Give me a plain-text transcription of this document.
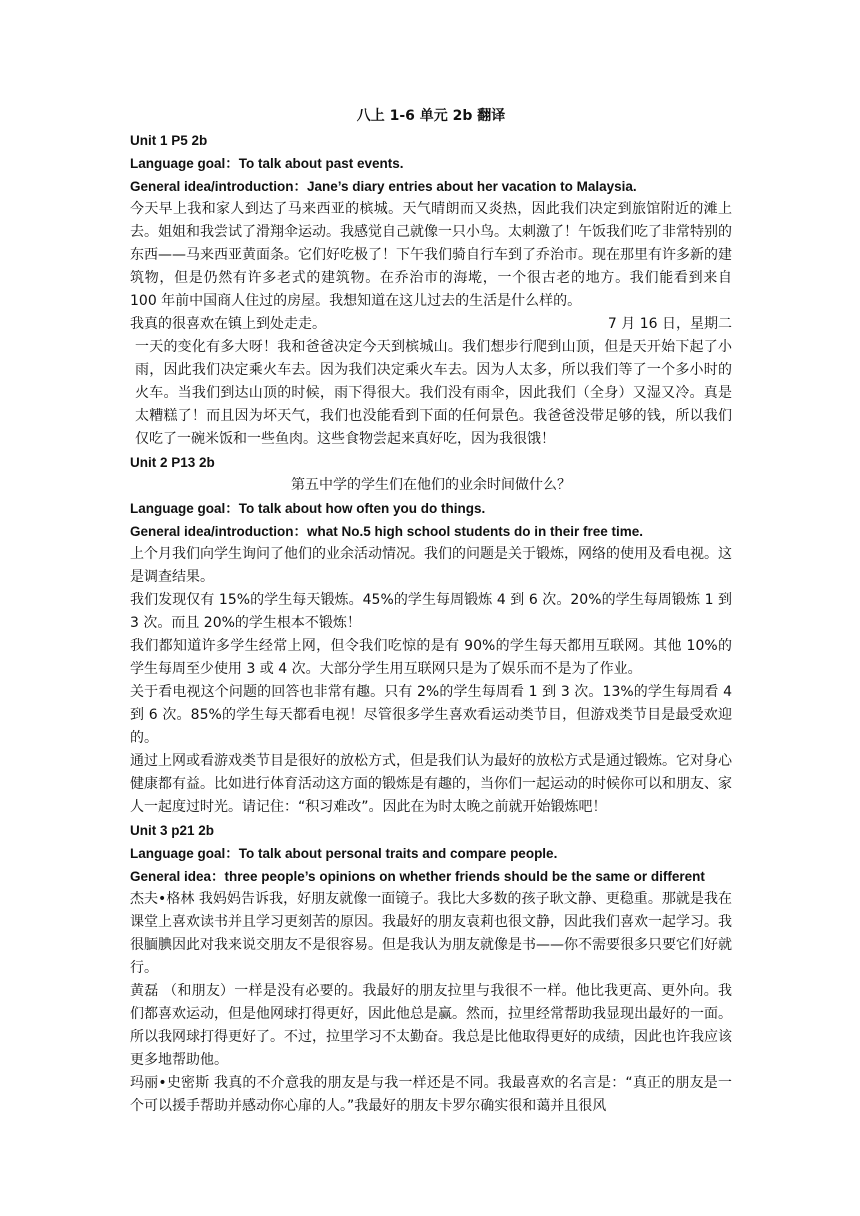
八上 1-6 单元 2b 翻译
Unit 1 P5 2b
Language goal：To talk about past events.
General idea/introduction：Jane’s diary entries about her vacation to Malaysia.
今天早上我和家人到达了马来西亚的槟城。天气晴朗而又炎热，因此我们决定到旅馆附近的滩上去。姐姐和我尝试了滑翔伞运动。我感觉自己就像一只小鸟。太刺激了！午饭我们吃了非常特别的东西——马来西亚黄面条。它们好吃极了！下午我们骑自行车到了乔治市。现在那里有许多新的建筑物，但是仍然有许多老式的建筑物。在乔治市的海墘，一个很古老的地方。我们能看到来自 100 年前中国商人住过的房屋。我想知道在这儿过去的生活是什么样的。
我真的很喜欢在镇上到处走走。	7 月 16 日，星期二
一天的变化有多大呀！我和爸爸决定今天到槟城山。我们想步行爬到山顶，但是天开始下起了小雨，因此我们决定乘火车去。因为我们决定乘火车去。因为人太多，所以我们等了一个多小时的火车。当我们到达山顶的时候，雨下得很大。我们没有雨伞，因此我们（全身）又湿又冷。真是太糟糕了！而且因为坏天气，我们也没能看到下面的任何景色。我爸爸没带足够的钱，所以我们仅吃了一碗米饭和一些鱼肉。这些食物尝起来真好吃，因为我很饿！
Unit 2 P13 2b
第五中学的学生们在他们的业余时间做什么？
Language goal：To talk about how often you do things.
General idea/introduction：what No.5 high school students do in their free time.
上个月我们向学生询问了他们的业余活动情况。我们的问题是关于锻炼，网络的使用及看电视。这是调查结果。
我们发现仅有 15%的学生每天锻炼。45%的学生每周锻炼 4 到 6 次。20%的学生每周锻炼 1 到 3 次。而且 20%的学生根本不锻炼！
我们都知道许多学生经常上网，但令我们吃惊的是有 90%的学生每天都用互联网。其他 10%的学生每周至少使用 3 或 4 次。大部分学生用互联网只是为了娱乐而不是为了作业。
关于看电视这个问题的回答也非常有趣。只有 2%的学生每周看 1 到 3 次。13%的学生每周看 4 到 6 次。85%的学生每天都看电视！尽管很多学生喜欢看运动类节目，但游戏类节目是最受欢迎的。
通过上网或看游戏类节目是很好的放松方式，但是我们认为最好的放松方式是通过锻炼。它对身心健康都有益。比如进行体育活动这方面的锻炼是有趣的，当你们一起运动的时候你可以和朋友、家人一起度过时光。请记住：“积习难改”。因此在为时太晚之前就开始锻炼吧！
Unit 3 p21 2b
Language goal：To talk about personal traits and compare people.
General idea：three people’s opinions on whether friends should be the same or different
杰夫•格林 我妈妈告诉我，好朋友就像一面镜子。我比大多数的孩子耿文静、更稳重。那就是我在课堂上喜欢读书并且学习更刻苦的原因。我最好的朋友袁莉也很文静，因此我们喜欢一起学习。我很腼腆因此对我来说交朋友不是很容易。但是我认为朋友就像是书——你不需要很多只要它们好就行。
黄磊 （和朋友）一样是没有必要的。我最好的朋友拉里与我很不一样。他比我更高、更外向。我们都喜欢运动，但是他网球打得更好，因此他总是赢。然而，拉里经常帮助我显现出最好的一面。所以我网球打得更好了。不过，拉里学习不太勤奋。我总是比他取得更好的成绩，因此也许我应该更多地帮助他。
玛丽•史密斯 我真的不介意我的朋友是与我一样还是不同。我最喜欢的名言是：“真正的朋友是一个可以援手帮助并感动你心扉的人。”我最好的朋友卡罗尔确实很和蔼并且很风
